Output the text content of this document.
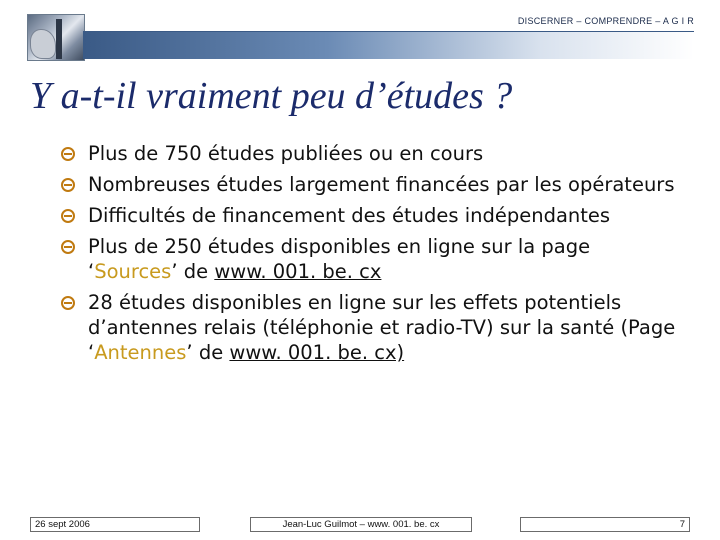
DISCERNER – COMPRENDRE – A G I R
Y a-t-il vraiment peu d’études ?
Plus de 750 études publiées ou en cours
Nombreuses études largement financées par les opérateurs
Difficultés de financement des études indépendantes
Plus de 250 études disponibles en ligne sur la page ‘Sources’ de www. 001. be. cx
28 études disponibles en ligne sur les effets potentiels d’antennes relais (téléphonie et radio-TV) sur la santé (Page ‘Antennes’ de www. 001. be. cx)
26 sept 2006	Jean-Luc Guilmot – www. 001. be. cx	7
